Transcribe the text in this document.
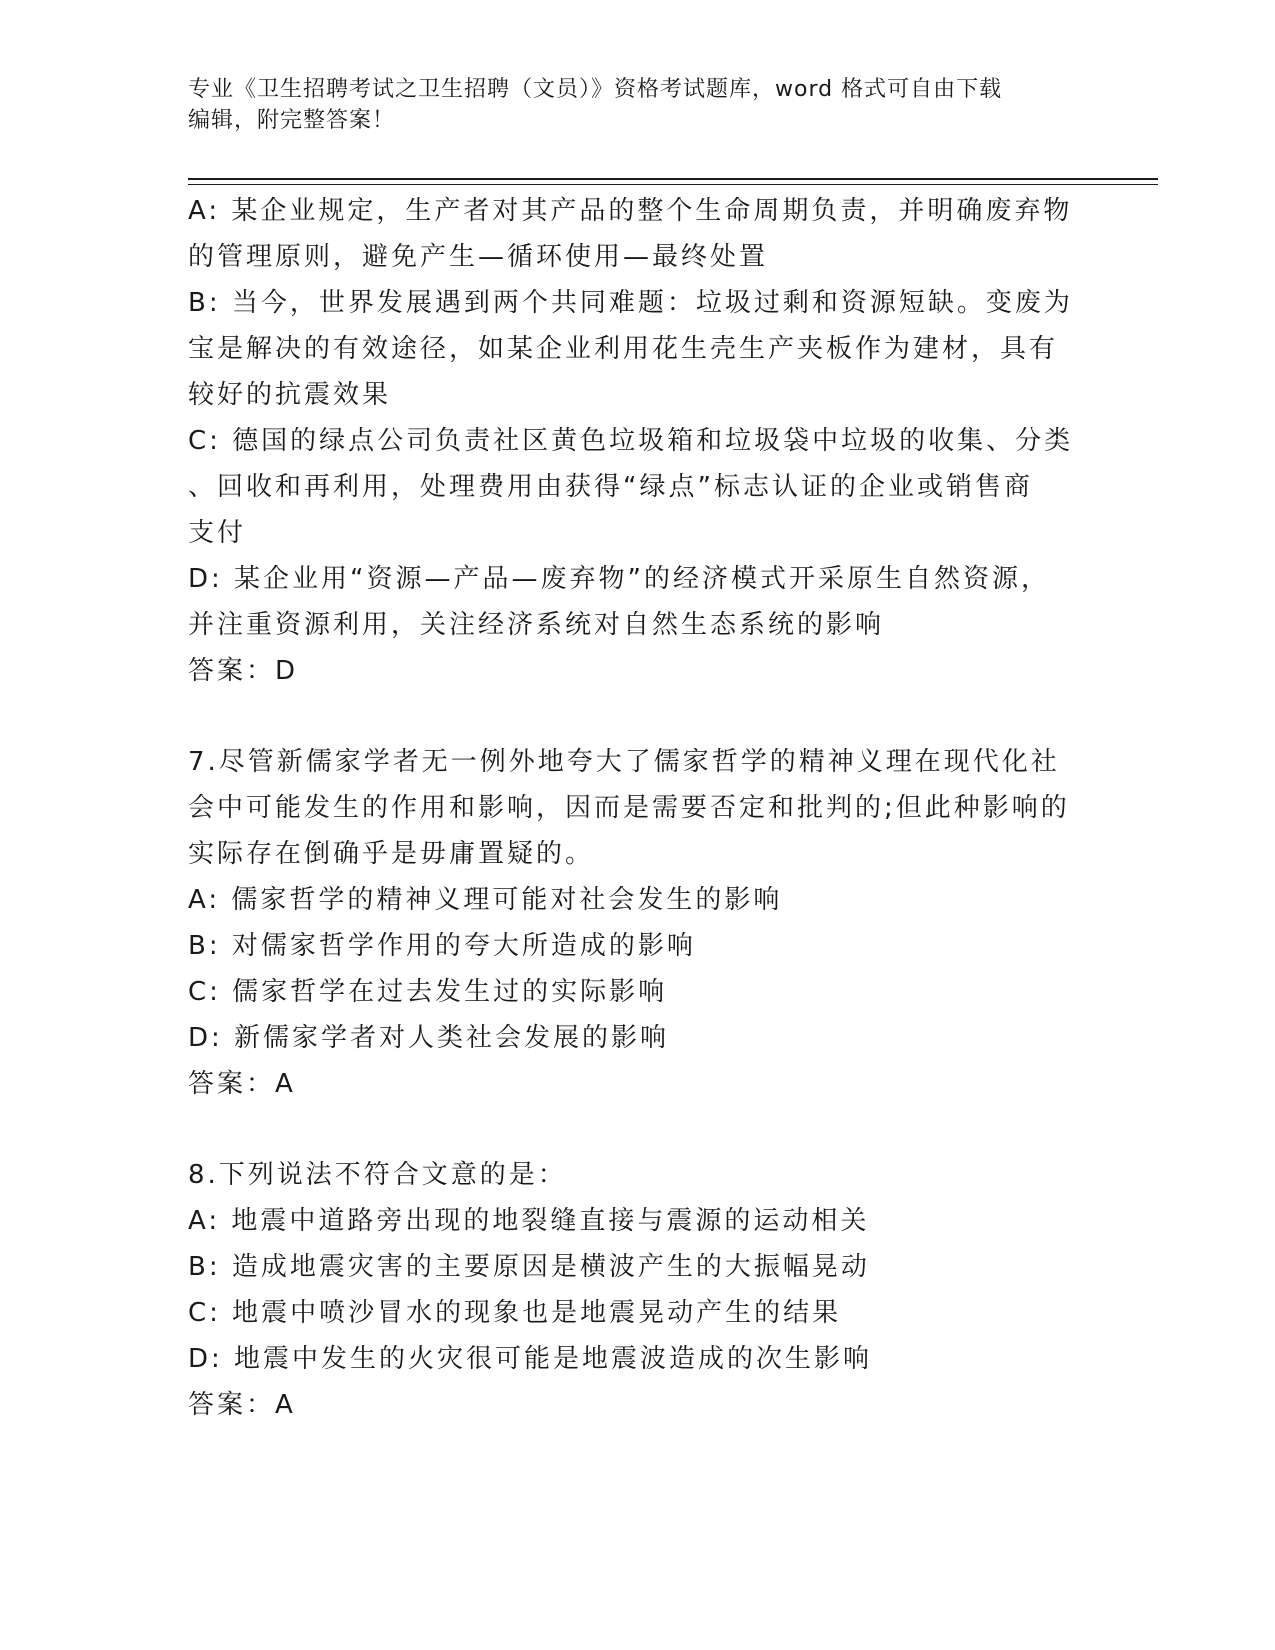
专业《卫生招聘考试之卫生招聘（文员）》资格考试题库，word 格式可自由下载
编辑，附完整答案！

A: 某企业规定，生产者对其产品的整个生命周期负责，并明确废弃物

的管理原则，避免产生—循环使用—最终处置

B: 当今，世界发展遇到两个共同难题：垃圾过剩和资源短缺。变废为

宝是解决的有效途径，如某企业利用花生壳生产夹板作为建材，具有

较好的抗震效果

C: 德国的绿点公司负责社区黄色垃圾箱和垃圾袋中垃圾的收集、分类

、回收和再利用，处理费用由获得“绿点”标志认证的企业或销售商

支付

D: 某企业用“资源—产品—废弃物”的经济模式开采原生自然资源，

并注重资源利用，关注经济系统对自然生态系统的影响

答案：D

7.尽管新儒家学者无一例外地夸大了儒家哲学的精神义理在现代化社

会中可能发生的作用和影响，因而是需要否定和批判的;但此种影响的

实际存在倒确乎是毋庸置疑的。

A: 儒家哲学的精神义理可能对社会发生的影响

B: 对儒家哲学作用的夸大所造成的影响

C: 儒家哲学在过去发生过的实际影响

D: 新儒家学者对人类社会发展的影响

答案：A

8.下列说法不符合文意的是：

A: 地震中道路旁出现的地裂缝直接与震源的运动相关

B: 造成地震灾害的主要原因是横波产生的大振幅晃动

C: 地震中喷沙冒水的现象也是地震晃动产生的结果

D: 地震中发生的火灾很可能是地震波造成的次生影响

答案：A
